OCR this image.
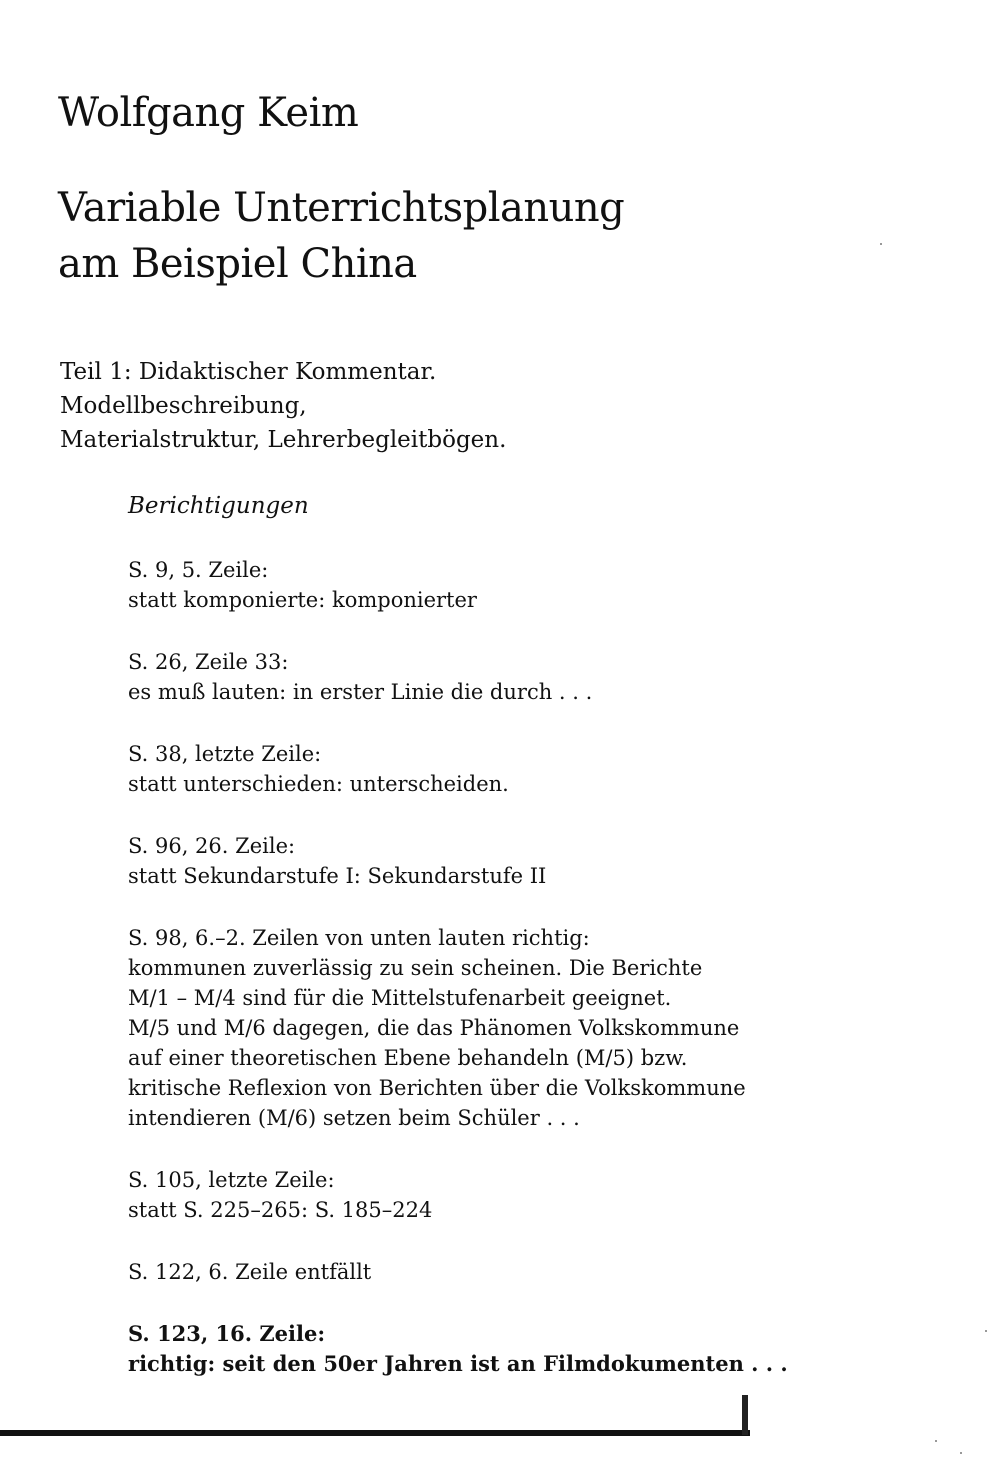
Wolfgang Keim
Variable Unterrichtsplanung
am Beispiel China
Teil 1: Didaktischer Kommentar.
Modellbeschreibung,
Materialstruktur, Lehrerbegleitbögen.
Berichtigungen
S. 9, 5. Zeile:
statt komponierte: komponierter
S. 26, Zeile 33:
es muß lauten: in erster Linie die durch . . .
S. 38, letzte Zeile:
statt unterschieden: unterscheiden.
S. 96, 26. Zeile:
statt Sekundarstufe I: Sekundarstufe II
S. 98, 6.–2. Zeilen von unten lauten richtig:
kommunen zuverlässig zu sein scheinen. Die Berichte
M/1 – M/4 sind für die Mittelstufenarbeit geeignet.
M/5 und M/6 dagegen, die das Phänomen Volkskommune
auf einer theoretischen Ebene behandeln (M/5) bzw.
kritische Reflexion von Berichten über die Volkskommune
intendieren (M/6) setzen beim Schüler . . .
S. 105, letzte Zeile:
statt S. 225–265: S. 185–224
S. 122, 6. Zeile entfällt
S. 123, 16. Zeile:
richtig: seit den 50er Jahren ist an Filmdokumenten . . .
